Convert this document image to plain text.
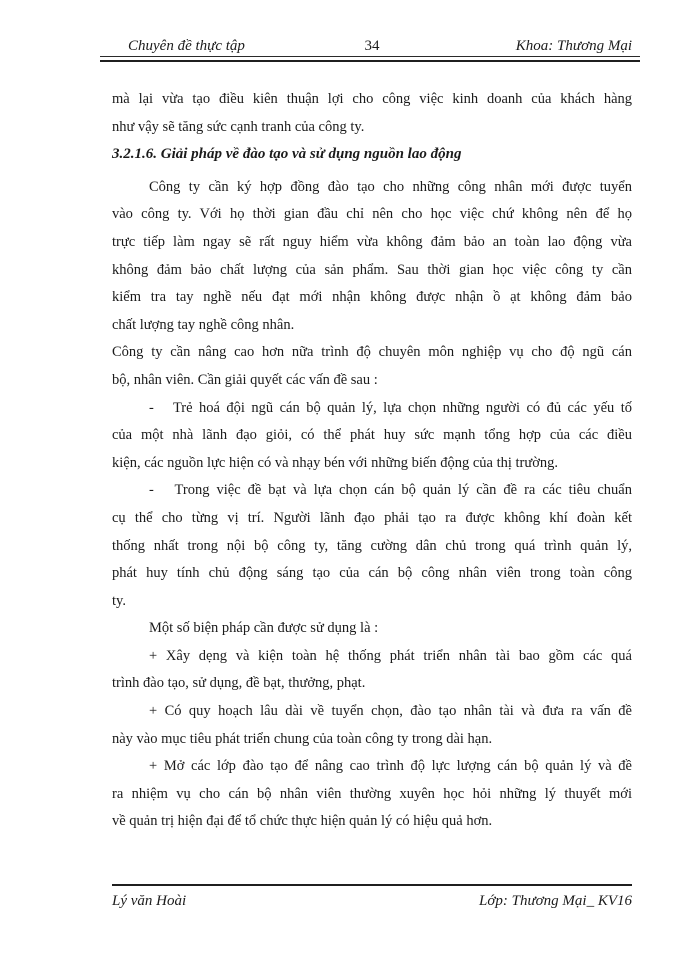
Chuyên đề thực tập	34	Khoa: Thương Mại
mà lại vừa tạo điều kiên thuận lợi cho công việc kinh doanh của khách hàng
như vậy sẽ tăng sức cạnh tranh của công ty.
3.2.1.6. Giải pháp về đào tạo và sử dụng nguồn lao động
Công ty cần ký hợp đồng đào tạo cho những công nhân mới được tuyển
vào công ty. Với họ thời gian đầu chỉ nên cho học việc chứ không nên để họ
trực tiếp làm ngay sẽ rất nguy hiểm vừa không đảm bảo an toàn lao động vừa
không đảm bảo chất lượng của sản phẩm. Sau thời gian học việc công ty cần
kiểm tra tay nghề nếu đạt mới nhận không được nhận ồ ạt không đảm bảo
chất lượng tay nghề công nhân.
Công ty cần nâng cao hơn nữa trình độ chuyên môn nghiệp vụ cho độ ngũ cán
bộ, nhân viên. Cần giải quyết các vấn đề sau :
-   Trẻ hoá đội ngũ cán bộ quản lý, lựa chọn những người có đủ các yếu tố
của một nhà lãnh đạo giỏi, có thể phát huy sức mạnh tổng hợp của các điều
kiện, các nguồn lực hiện có và nhạy bén với những biến động của thị trường.
-   Trong việc đề bạt và lựa chọn cán bộ quản lý cần đề ra các tiêu chuẩn
cụ thể cho từng vị trí. Người lãnh đạo phải tạo ra được không khí đoàn kết
thống nhất trong nội bộ công ty, tăng cường dân chủ trong quá trình quản lý,
phát huy tính chủ động sáng tạo của cán bộ công nhân viên trong toàn công
ty.
Một số biện pháp cần được sử dụng là :
+ Xây dẹng và kiện toàn hệ thống phát triển nhân tài bao gồm các quá
trình đào tạo, sử dụng, đề bạt, thưởng, phạt.
+ Có quy hoạch lâu dài về tuyển chọn, đào tạo nhân tài và đưa ra vấn đề
này vào mục tiêu phát triển chung của toàn công ty trong dài hạn.
+ Mở các lớp đào tạo để nâng cao trình độ lực lượng cán bộ quản lý và đề
ra nhiệm vụ cho cán bộ nhân viên thường xuyên học hỏi những lý thuyết mới
về quản trị hiện đại để tổ chức thực hiện quản lý có hiệu quả hơn.
Lý văn Hoài	Lớp: Thương Mại_ KV16
